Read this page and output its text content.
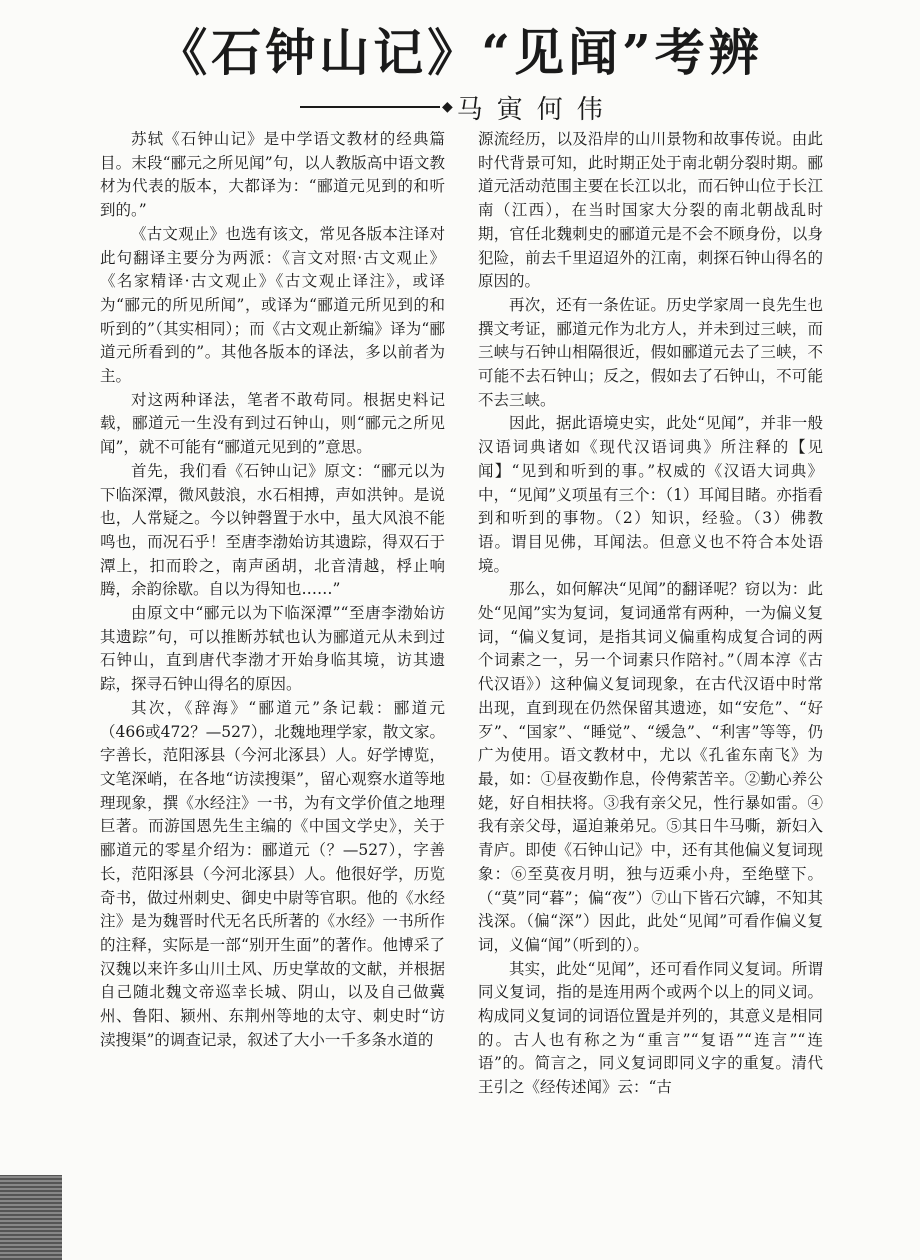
《石钟山记》“见闻”考辨
◆ 马寅何伟

苏轼《石钟山记》是中学语文教材的经典篇目。末段“郦元之所见闻”句，以人教版高中语文教材为代表的版本，大都译为：“郦道元见到的和听到的。”

《古文观止》也选有该文，常见各版本注译对此句翻译主要分为两派：《言文对照·古文观止》《名家精译·古文观止》《古文观止译注》，或译为“郦元的所见所闻”，或译为“郦道元所见到的和听到的”（其实相同）；而《古文观止新编》译为“郦道元所看到的”。其他各版本的译法，多以前者为主。

对这两种译法，笔者不敢苟同。根据史料记载，郦道元一生没有到过石钟山，则“郦元之所见闻”，就不可能有“郦道元见到的”意思。

首先，我们看《石钟山记》原文：“郦元以为下临深潭，微风鼓浪，水石相搏，声如洪钟。是说也，人常疑之。今以钟磬置于水中，虽大风浪不能鸣也，而况石乎！至唐李渤始访其遗踪，得双石于潭上，扣而聆之，南声函胡，北音清越，桴止响腾，余韵徐歇。自以为得知也……”

由原文中“郦元以为下临深潭”“至唐李渤始访其遗踪”句，可以推断苏轼也认为郦道元从未到过石钟山，直到唐代李渤才开始身临其境，访其遗踪，探寻石钟山得名的原因。

其次，《辞海》“郦道元”条记载：郦道元（466或472？—527），北魏地理学家，散文家。字善长，范阳涿县（今河北涿县）人。好学博览，文笔深峭，在各地“访渎搜渠”，留心观察水道等地理现象，撰《水经注》一书，为有文学价值之地理巨著。而游国恩先生主编的《中国文学史》，关于郦道元的零星介绍为：郦道元（？—527），字善长，范阳涿县（今河北涿县）人。他很好学，历览奇书，做过州刺史、御史中尉等官职。他的《水经注》是为魏晋时代无名氏所著的《水经》一书所作的注释，实际是一部“别开生面”的著作。他博采了汉魏以来许多山川土风、历史掌故的文献，并根据自己随北魏文帝巡幸长城、阴山，以及自己做冀州、鲁阳、颍州、东荆州等地的太守、刺史时“访渎搜渠”的调查记录，叙述了大小一千多条水道的

源流经历，以及沿岸的山川景物和故事传说。由此时代背景可知，此时期正处于南北朝分裂时期。郦道元活动范围主要在长江以北，而石钟山位于长江南（江西），在当时国家大分裂的南北朝战乱时期，官任北魏刺史的郦道元是不会不顾身份，以身犯险，前去千里迢迢外的江南，刺探石钟山得名的原因的。

再次，还有一条佐证。历史学家周一良先生也撰文考证，郦道元作为北方人，并未到过三峡，而三峡与石钟山相隔很近，假如郦道元去了三峡，不可能不去石钟山；反之，假如去了石钟山，不可能不去三峡。

因此，据此语境史实，此处“见闻”，并非一般汉语词典诸如《现代汉语词典》所注释的【见闻】“见到和听到的事。”权威的《汉语大词典》中，“见闻”义项虽有三个：（1）耳闻目睹。亦指看到和听到的事物。（2）知识，经验。（3）佛教语。谓目见佛，耳闻法。但意义也不符合本处语境。

那么，如何解决“见闻”的翻译呢？窃以为：此处“见闻”实为复词，复词通常有两种，一为偏义复词，“偏义复词，是指其词义偏重构成复合词的两个词素之一，另一个词素只作陪衬。”（周本淳《古代汉语》）这种偏义复词现象，在古代汉语中时常出现，直到现在仍然保留其遗迹，如“安危”、“好歹”、“国家”、“睡觉”、“缓急”、“利害”等等，仍广为使用。语文教材中，尤以《孔雀东南飞》为最，如：①昼夜勤作息，伶俜萦苦辛。②勤心养公姥，好自相扶将。③我有亲父兄，性行暴如雷。④我有亲父母，逼迫兼弟兄。⑤其日牛马嘶，新妇入青庐。即使《石钟山记》中，还有其他偏义复词现象：⑥至莫夜月明，独与迈乘小舟，至绝壁下。（“莫”同“暮”；偏“夜”）⑦山下皆石穴罅，不知其浅深。（偏“深”）因此，此处“见闻”可看作偏义复词，义偏“闻”（听到的）。

其实，此处“见闻”，还可看作同义复词。所谓同义复词，指的是连用两个或两个以上的同义词。构成同义复词的词语位置是并列的，其意义是相同的。古人也有称之为“重言”“复语”“连言”“连语”的。简言之，同义复词即同义字的重复。清代王引之《经传述闻》云：“古
